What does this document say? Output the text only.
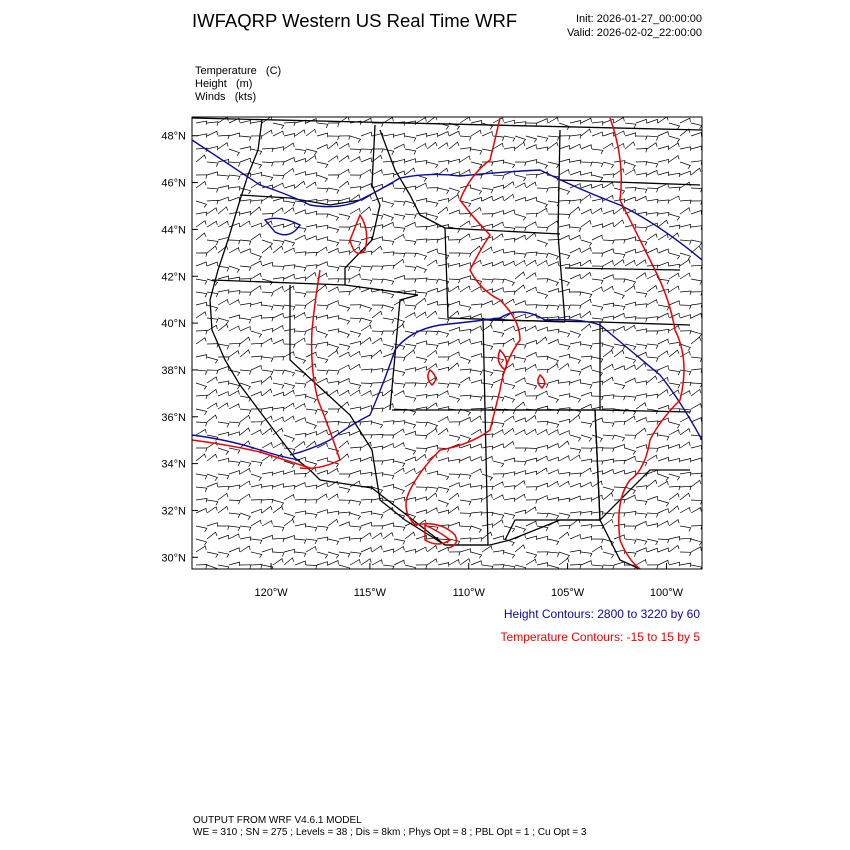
IWFAQRP Western US Real Time WRF	Init: 2026-01-27_00:00:00
Valid: 2026-02-02_22:00:00
Temperature   (C)
Height   (m)
Winds   (kts)
48°N
46°N
44°N
42°N
40°N
38°N
36°N
34°N
32°N
30°N
120°W	115°W	110°W	105°W	100°W
Height Contours: 2800 to 3220 by 60
Temperature Contours: -15 to 15 by 5
OUTPUT FROM WRF V4.6.1 MODEL
WE = 310 ; SN = 275 ; Levels = 38 ; Dis = 8km ; Phys Opt = 8 ; PBL Opt = 1 ; Cu Opt = 3
